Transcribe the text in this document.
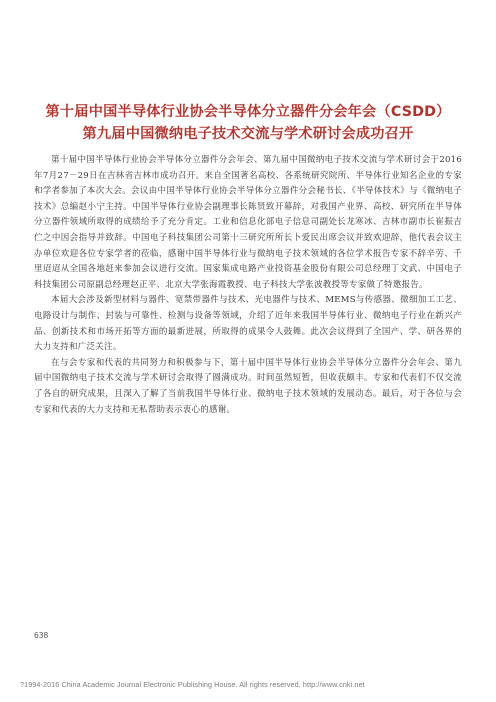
第十届中国半导体行业协会半导体分立器件分会年会（CSDD）
第九届中国微纳电子技术交流与学术研讨会成功召开

第十届中国半导体行业协会半导体分立器件分会年会、第九届中国微纳电子技术交流与学术研讨会于2016年7月27－29日在吉林省吉林市成功召开。来自全国著名高校、各系统研究院所、半导体行业知名企业的专家和学者参加了本次大会。会议由中国半导体行业协会半导体分立器件分会秘书长、《半导体技术》与《微纳电子技术》总编赵小宁主持。中国半导体行业协会副理事长陈贤致开幕辞，对我国产业界、高校、研究所在半导体分立器件领域所取得的成绩给予了充分肯定。工业和信息化部电子信息司副处长龙寒冰、吉林市副市长崔振吉伫之中因会指导并致辞。中国电子科技集团公司第十三研究所所长卜爱民出席会议并致欢迎辞，他代表会议主办单位欢迎各位专家学者的莅临，感谢中国半导体行业与微纳电子技术领域的各位学术报告专家不辞辛劳、千里迢迢从全国各地赶来参加会议进行交流。国家集成电路产业投资基金股份有限公司总经理丁文武、中国电子科技集团公司原副总经理赵正平、北京大学张海霞教授、电子科技大学张波教授等专家做了特邀报告。

本届大会涉及新型材料与器件、宽禁带器件与技术、光电器件与技术、MEMS与传感器、微细加工工艺、电路设计与制作、封装与可靠性、检测与设备等领域，介绍了近年来我国半导体行业、微纳电子行业在新兴产品、创新技术和市场开拓等方面的最新进展，所取得的成果令人鼓舞。此次会议得到了全国产、学、研各界的大力支持和广泛关注。

在与会专家和代表的共同努力和积极参与下，第十届中国半导体行业协会半导体分立器件分会年会、第九届中国微纳电子技术交流与学术研讨会取得了圆满成功。时间虽然短暂，但收获颇丰。专家和代表们不仅交流了各自的研究成果，且深入了解了当前我国半导体行业、微纳电子技术领域的发展动态。最后，对于各位与会专家和代表的大力支持和无私帮助表示衷心的感谢。

638
?1994-2016 China Academic Journal Electronic Publishing House. All rights reserved. http://www.cnki.net
